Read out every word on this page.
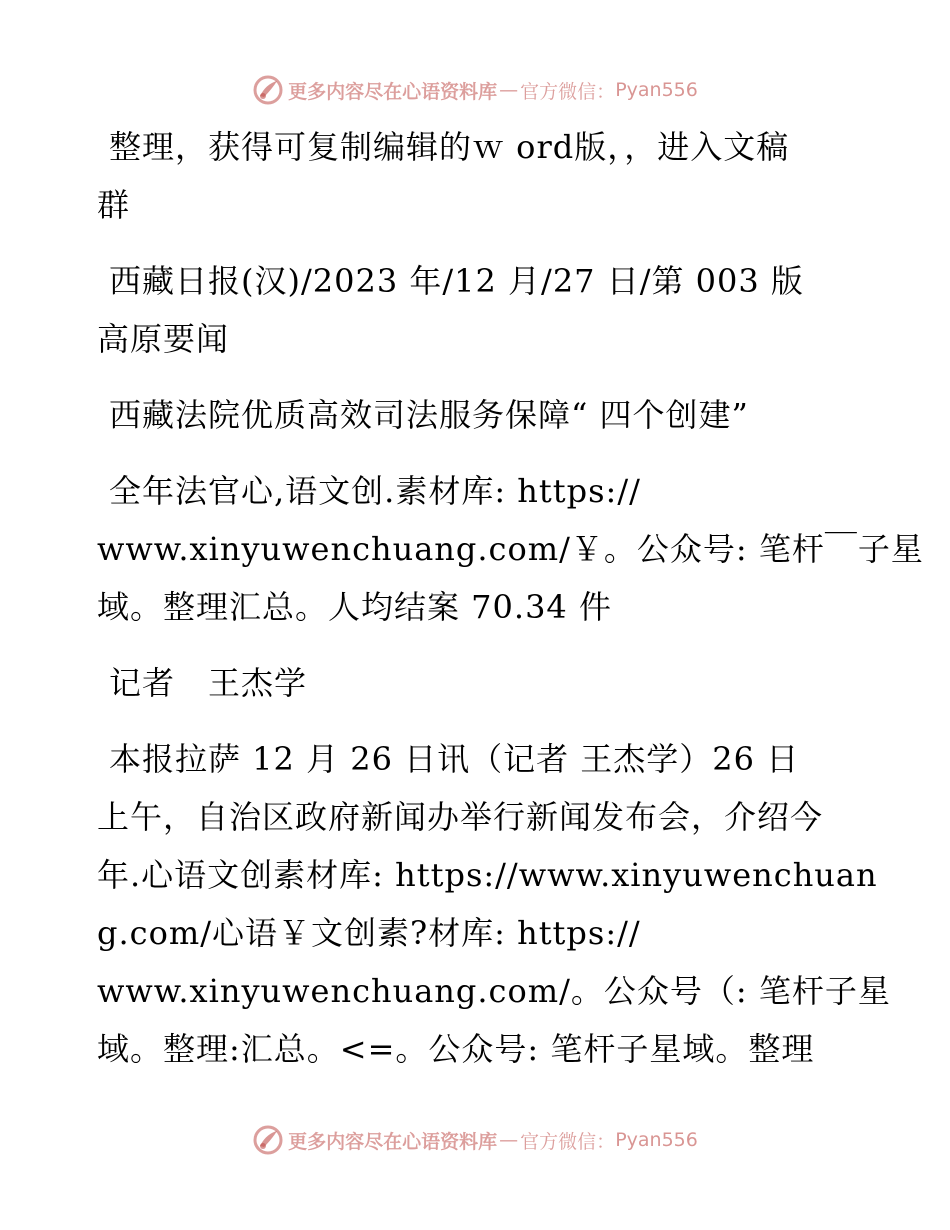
更多内容尽在心语资料库 — 官方微信： Pyan556
整理，获得可复制编辑的ｗ ord版，，进入文稿
群
西藏日报(汉)/2023 年/12 月/27 日/第 003 版
高原要闻
西藏法院优质高效司法服务保障“ 四个创建”
全年法官心,语文创.素材库: https://
www.xinyuwenchuang.com/￥。公众号: 笔杆￣子星
域。整理汇总。人均结案 70.34 件
记者　王杰学
本报拉萨 12 月 26 日讯（记者 王杰学）26 日
上午，自治区政府新闻办举行新闻发布会，介绍今
年.心语文创素材库: https://www.xinyuwenchuan
g.com/心语￥文创素?材库: https://
www.xinyuwenchuang.com/。公众号（: 笔杆子星
域。整理:汇总。<=。公众号: 笔杆子星域。整理
更多内容尽在心语资料库 — 官方微信： Pyan556
